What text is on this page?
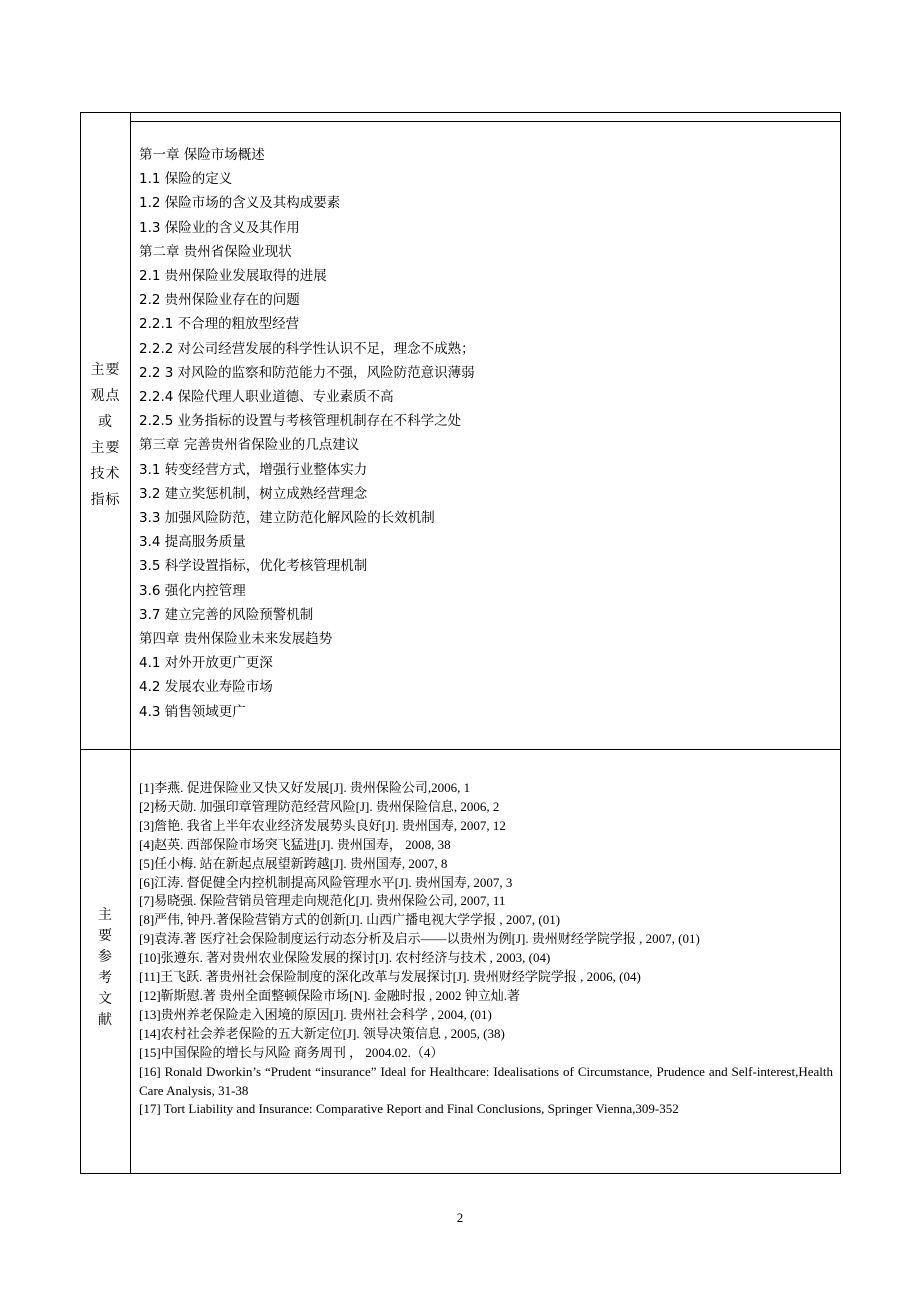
主要
观点
或
主要
技术
指标
第一章 保险市场概述
1.1 保险的定义
1.2 保险市场的含义及其构成要素
1.3 保险业的含义及其作用
第二章 贵州省保险业现状
2.1 贵州保险业发展取得的进展
2.2 贵州保险业存在的问题
2.2.1 不合理的粗放型经营
2.2.2 对公司经营发展的科学性认识不足，理念不成熟；
2.2 3 对风险的监察和防范能力不强，风险防范意识薄弱
2.2.4 保险代理人职业道德、专业素质不高
2.2.5 业务指标的设置与考核管理机制存在不科学之处
第三章 完善贵州省保险业的几点建议
3.1 转变经营方式，增强行业整体实力
3.2 建立奖惩机制，树立成熟经营理念
3.3 加强风险防范，建立防范化解风险的长效机制
3.4 提高服务质量
3.5 科学设置指标，优化考核管理机制
3.6 强化内控管理
3.7 建立完善的风险预警机制
第四章 贵州保险业未来发展趋势
4.1 对外开放更广更深
4.2 发展农业寿险市场
4.3 销售领域更广
主
要
参
考
文
献
[1]李燕. 促进保险业又快又好发展[J]. 贵州保险公司,2006, 1
[2]杨天勋. 加强印章管理防范经营风险[J]. 贵州保险信息, 2006, 2
[3]詹艳. 我省上半年农业经济发展势头良好[J]. 贵州国寿, 2007, 12
[4]赵英. 西部保险市场突飞猛进[J]. 贵州国寿， 2008, 38
[5]任小梅. 站在新起点展望新跨越[J]. 贵州国寿, 2007, 8
[6]江涛. 督促健全内控机制提高风险管理水平[J]. 贵州国寿, 2007, 3
[7]易晓强. 保险营销员管理走向规范化[J]. 贵州保险公司, 2007, 11
[8]严伟, 钟丹.著保险营销方式的创新[J]. 山西广播电视大学学报 , 2007, (01)
[9]袁涛.著 医疗社会保险制度运行动态分析及启示——以贵州为例[J]. 贵州财经学院学报 , 2007, (01)
[10]张遵东. 著对贵州农业保险发展的探讨[J]. 农村经济与技术 , 2003, (04)
[11]王飞跃. 著贵州社会保险制度的深化改革与发展探讨[J]. 贵州财经学院学报 , 2006, (04)
[12]靳斯慰.著 贵州全面整顿保险市场[N]. 金融时报 , 2002 钟立灿.著
[13]贵州养老保险走入困境的原因[J]. 贵州社会科学 , 2004, (01)
[14]农村社会养老保险的五大新定位[J]. 领导决策信息 , 2005, (38)
[15]中国保险的增长与风险 商务周刊 ， 2004.02.（4）
[16] Ronald Dworkin’s “Prudent “insurance” Ideal for Healthcare: Idealisations of Circumstance, Prudence and Self-interest,Health Care Analysis, 31-38
[17] Tort Liability and Insurance: Comparative Report and Final Conclusions, Springer Vienna,309-352
2
